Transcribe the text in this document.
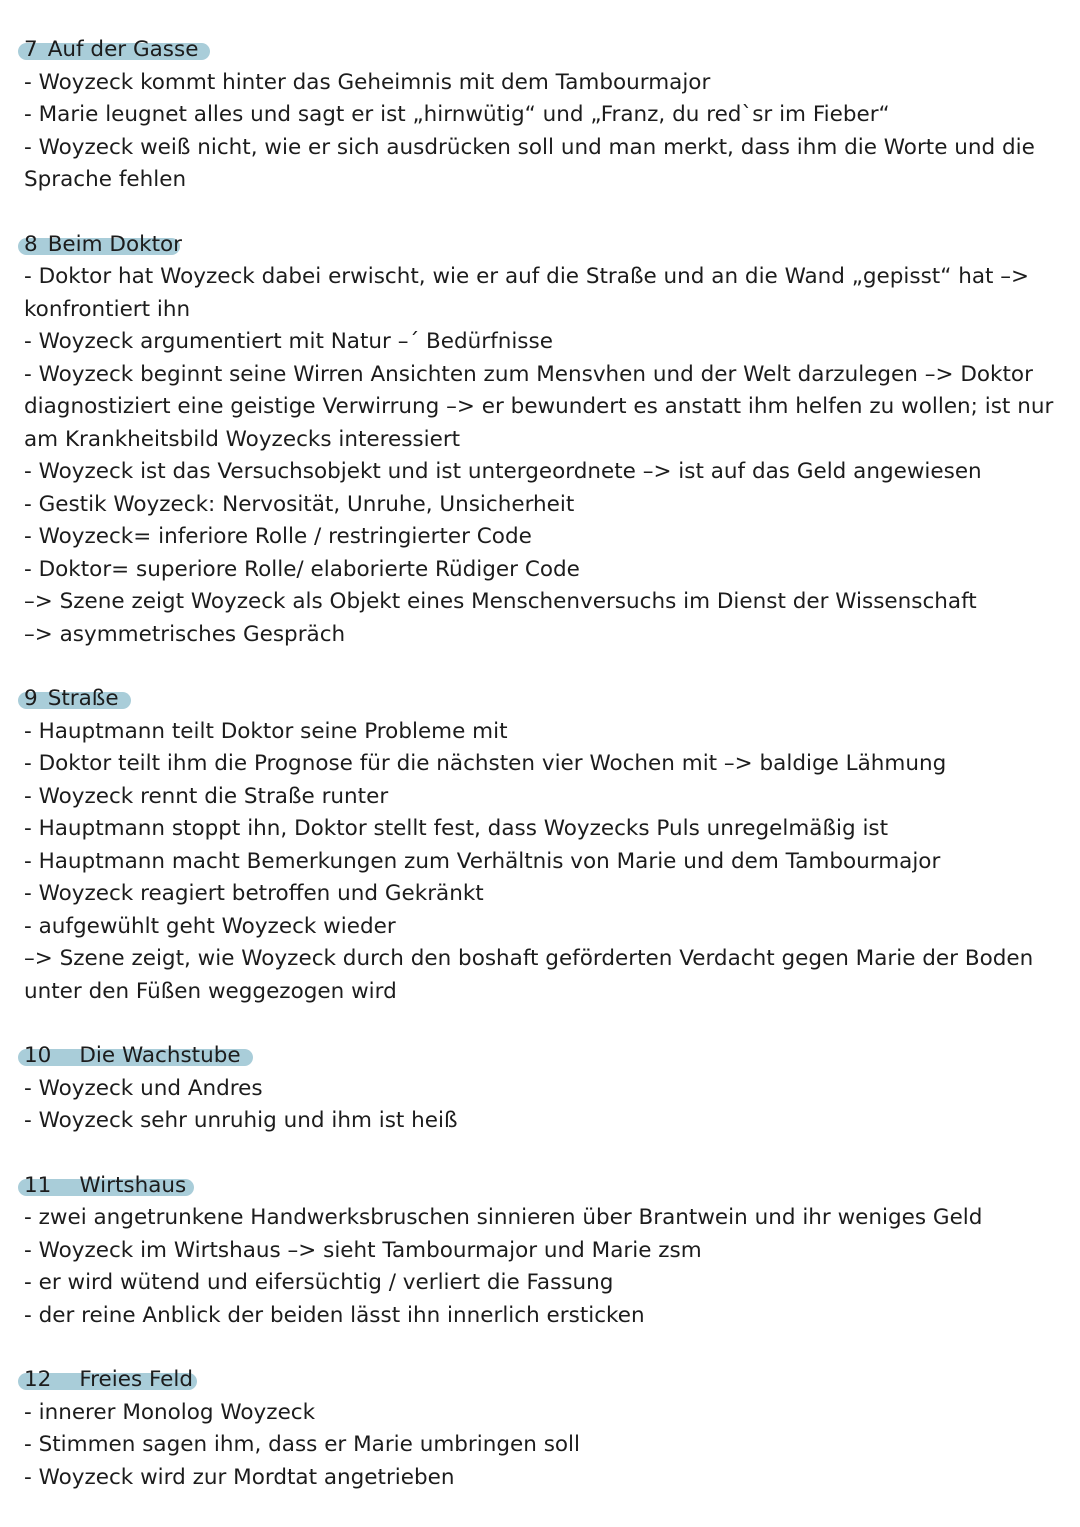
7 Auf der Gasse
- Woyzeck kommt hinter das Geheimnis mit dem Tambourmajor
- Marie leugnet alles und sagt er ist „hirnwütig“ und „Franz, du red`sr im Fieber“
- Woyzeck weiß nicht, wie er sich ausdrücken soll und man merkt, dass ihm die Worte und die Sprache fehlen
8 Beim Doktor
- Doktor hat Woyzeck dabei erwischt, wie er auf die Straße und an die Wand „gepisst“ hat –> konfrontiert ihn
- Woyzeck argumentiert mit Natur –´ Bedürfnisse
- Woyzeck beginnt seine Wirren Ansichten zum Mensvhen und der Welt darzulegen –> Doktor diagnostiziert eine geistige Verwirrung –> er bewundert es anstatt ihm helfen zu wollen; ist nur am Krankheitsbild Woyzecks interessiert
- Woyzeck ist das Versuchsobjekt und ist untergeordnete –> ist auf das Geld angewiesen
- Gestik Woyzeck: Nervosität, Unruhe, Unsicherheit
- Woyzeck= inferiore Rolle / restringierter Code
- Doktor= superiore Rolle/ elaborierte Rüdiger Code
–> Szene zeigt Woyzeck als Objekt eines Menschenversuchs im Dienst der Wissenschaft
–> asymmetrisches Gespräch
9 Straße
- Hauptmann teilt Doktor seine Probleme mit
- Doktor teilt ihm die Prognose für die nächsten vier Wochen mit –> baldige Lähmung
- Woyzeck rennt die Straße runter
- Hauptmann stoppt ihn, Doktor stellt fest, dass Woyzecks Puls unregelmäßig ist
- Hauptmann macht Bemerkungen zum Verhältnis von Marie und dem Tambourmajor
- Woyzeck reagiert betroffen und Gekränkt
- aufgewühlt geht Woyzeck wieder
–> Szene zeigt, wie Woyzeck durch den boshaft geförderten Verdacht gegen Marie der Boden unter den Füßen weggezogen wird
10 Die Wachstube
- Woyzeck und Andres
- Woyzeck sehr unruhig und ihm ist heiß
11 Wirtshaus
- zwei angetrunkene Handwerksbruschen sinnieren über Brantwein und ihr weniges Geld
- Woyzeck im Wirtshaus –> sieht Tambourmajor und Marie zsm
- er wird wütend und eifersüchtig / verliert die Fassung
- der reine Anblick der beiden lässt ihn innerlich ersticken
12 Freies Feld
- innerer Monolog Woyzeck
- Stimmen sagen ihm, dass er Marie umbringen soll
- Woyzeck wird zur Mordtat angetrieben
